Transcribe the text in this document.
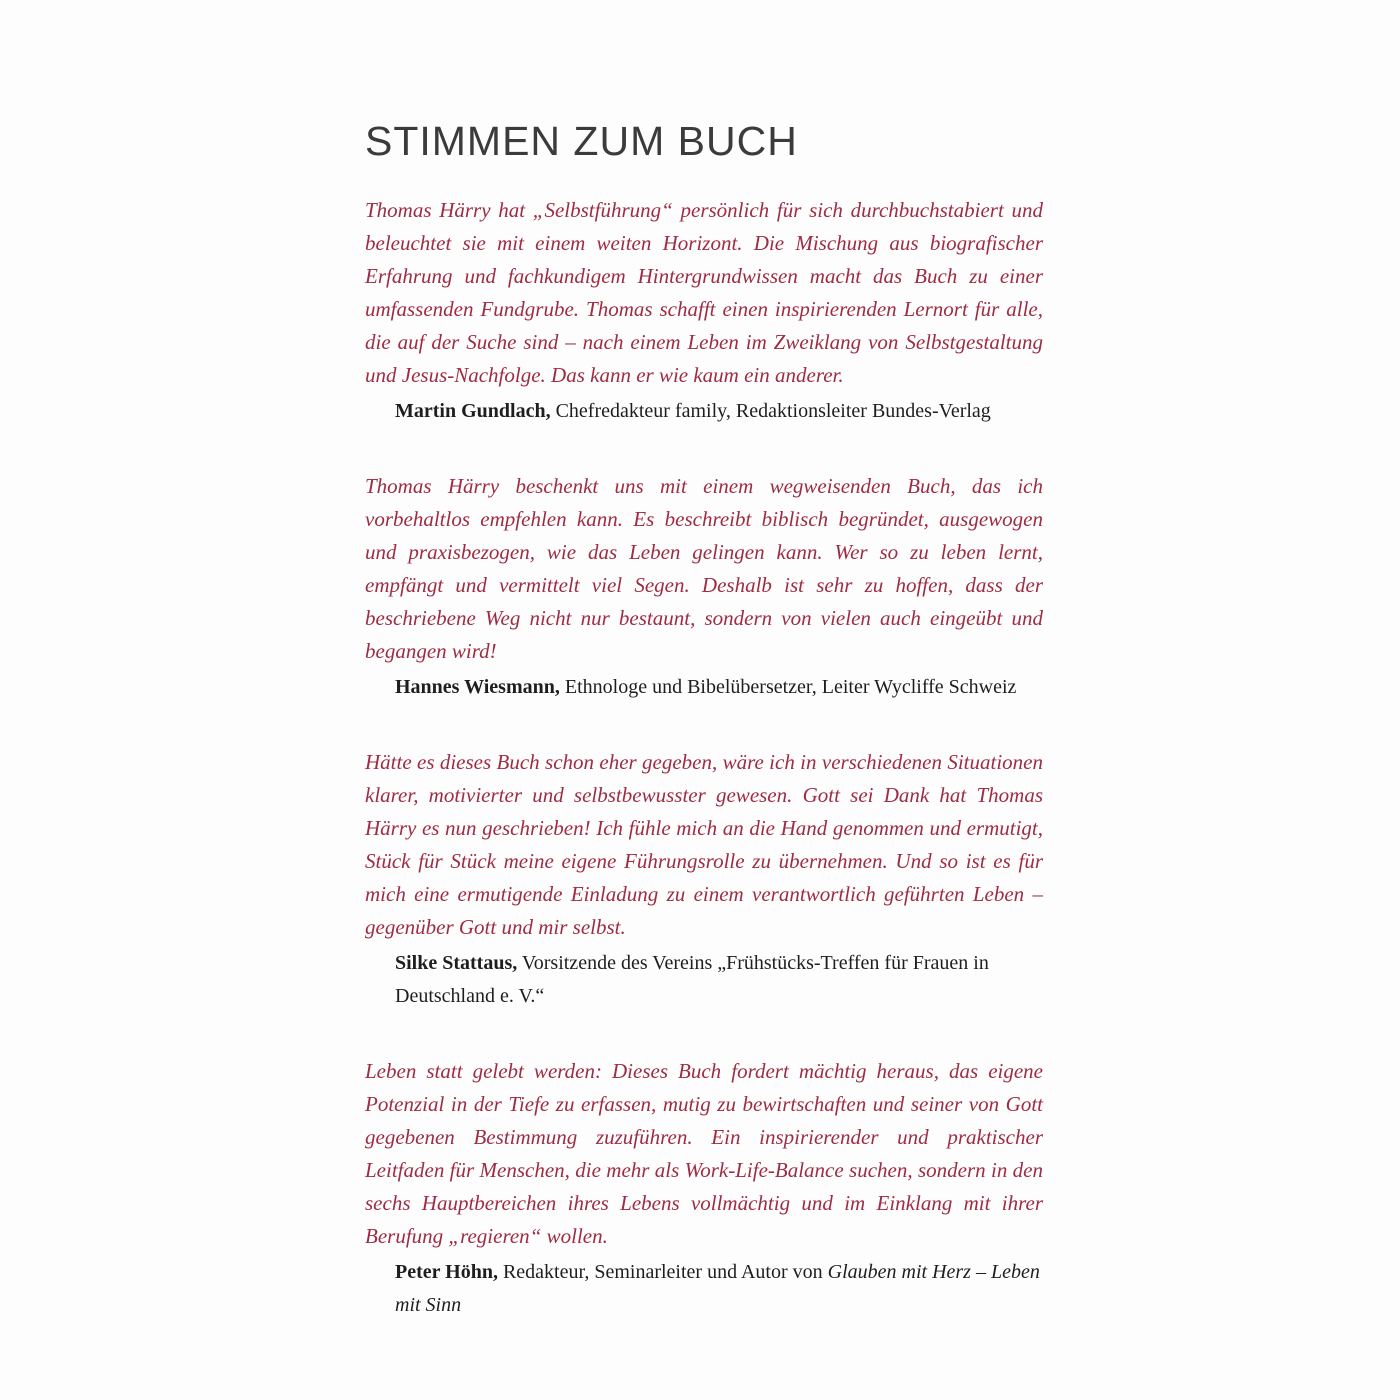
STIMMEN ZUM BUCH

Thomas Härry hat „Selbstführung“ persönlich für sich durchbuchstabiert und beleuchtet sie mit einem weiten Horizont. Die Mischung aus biografischer Erfahrung und fachkundigem Hintergrundwissen macht das Buch zu einer umfassenden Fundgrube. Thomas schafft einen inspirierenden Lernort für alle, die auf der Suche sind – nach einem Leben im Zweiklang von Selbstgestaltung und Jesus-Nachfolge. Das kann er wie kaum ein anderer.

Martin Gundlach, Chefredakteur family, Redaktionsleiter Bundes-Verlag

Thomas Härry beschenkt uns mit einem wegweisenden Buch, das ich vorbehaltlos empfehlen kann. Es beschreibt biblisch begründet, ausgewogen und praxisbezogen, wie das Leben gelingen kann. Wer so zu leben lernt, empfängt und vermittelt viel Segen. Deshalb ist sehr zu hoffen, dass der beschriebene Weg nicht nur bestaunt, sondern von vielen auch eingeübt und begangen wird!

Hannes Wiesmann, Ethnologe und Bibelübersetzer, Leiter Wycliffe Schweiz

Hätte es dieses Buch schon eher gegeben, wäre ich in verschiedenen Situationen klarer, motivierter und selbstbewusster gewesen. Gott sei Dank hat Thomas Härry es nun geschrieben! Ich fühle mich an die Hand genommen und ermutigt, Stück für Stück meine eigene Führungsrolle zu übernehmen. Und so ist es für mich eine ermutigende Einladung zu einem verantwortlich geführten Leben – gegenüber Gott und mir selbst.

Silke Stattaus, Vorsitzende des Vereins „Frühstücks-Treffen für Frauen in Deutschland e. V.“

Leben statt gelebt werden: Dieses Buch fordert mächtig heraus, das eigene Potenzial in der Tiefe zu erfassen, mutig zu bewirtschaften und seiner von Gott gegebenen Bestimmung zuzuführen. Ein inspirierender und praktischer Leitfaden für Menschen, die mehr als Work-Life-Balance suchen, sondern in den sechs Hauptbereichen ihres Lebens vollmächtig und im Einklang mit ihrer Berufung „regieren“ wollen.

Peter Höhn, Redakteur, Seminarleiter und Autor von Glauben mit Herz – Leben mit Sinn
